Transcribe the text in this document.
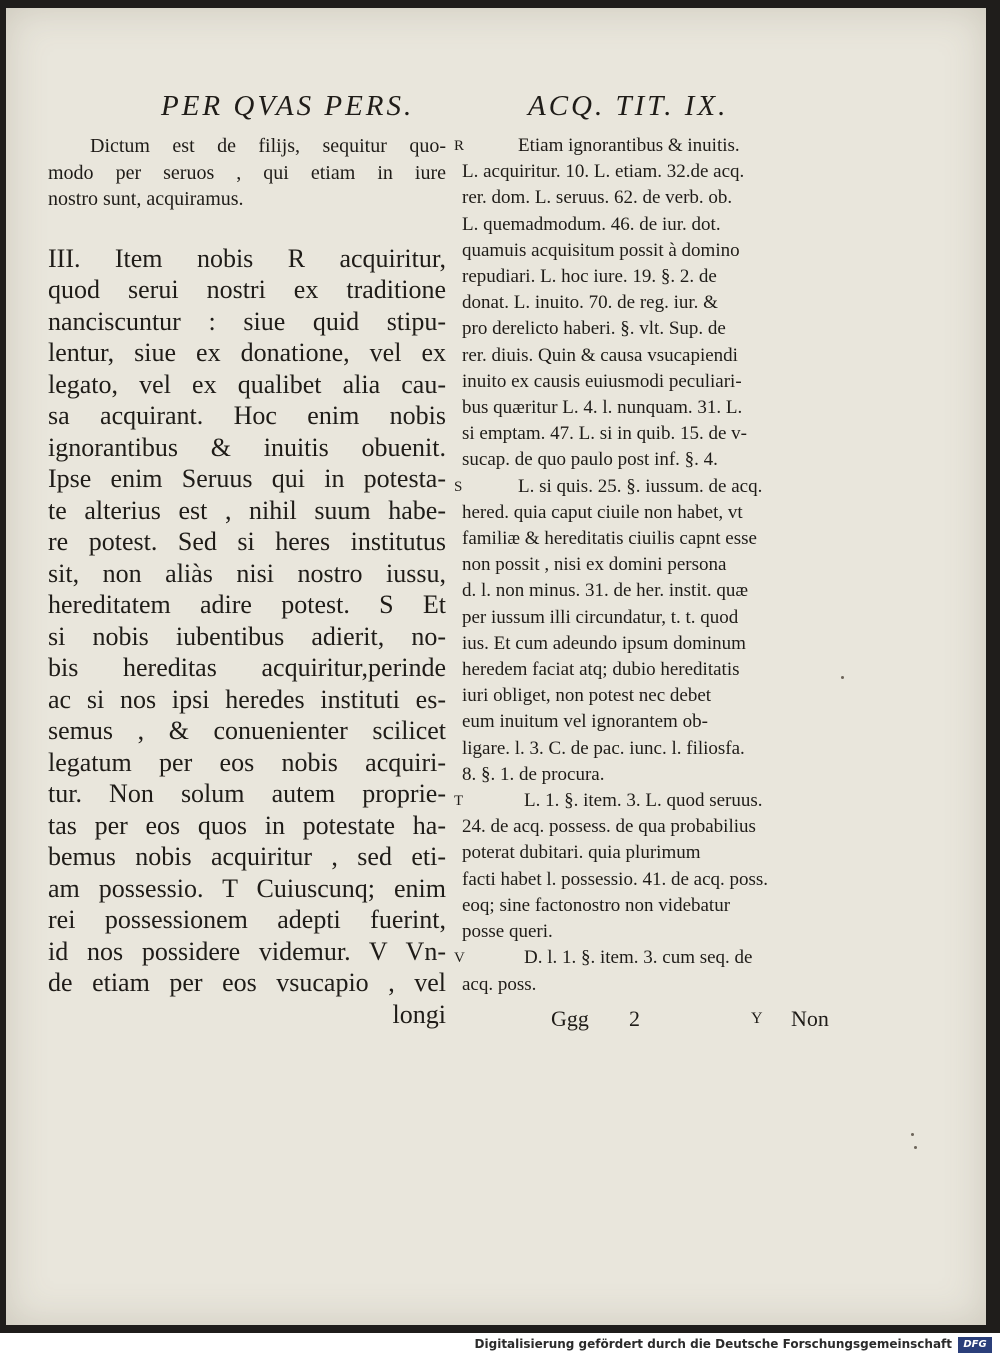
PER QVAS PERS.	ACQ. TIT. IX.

Dictum est de filijs, sequitur quo-

modo per seruos , qui etiam in iure

nostro sunt, acquiramus.

III. Item nobis R acquiritur,
quod serui nostri ex traditione
nanciscuntur : siue quid stipu-
lentur, siue ex donatione, vel ex
legato, vel ex qualibet alia cau-
sa acquirant. Hoc enim nobis
ignorantibus & inuitis obuenit.
Ipse enim Seruus qui in potesta-
te alterius est , nihil suum habe-
re potest. Sed si heres institutus
sit, non aliàs nisi nostro iussu,
hereditatem adire potest. S Et
si nobis iubentibus adierit, no-
bis hereditas acquiritur,perinde
ac si nos ipsi heredes instituti es-
semus , & conuenienter scilicet
legatum per eos nobis acquiri-
tur. Non solum autem proprie-
tas per eos quos in potestate ha-
bemus nobis acquiritur , sed eti-
am possessio. T Cuiuscunq; enim
rei possessionem adepti fuerint,
id nos possidere videmur. V Vn-
de etiam per eos vsucapio , vel
longi
R	Etiam ignorantibus & inuitis.
L. acquiritur. 10. L. etiam. 32.de acq.
rer. dom. L. seruus. 62. de verb. ob.
L. quemadmodum. 46. de iur. dot.
quamuis acquisitum possit à domino
repudiari. L. hoc iure. 19. §. 2. de
donat. L. inuito. 70. de reg. iur. &
pro derelicto haberi. §. vlt. Sup. de
rer. diuis. Quin & causa vsucapiendi
inuito ex causis euiusmodi peculiari-
bus quæritur L. 4. l. nunquam. 31. L.
si emptam. 47. L. si in quib. 15. de v-
sucap. de quo paulo post inf. §. 4.
S	L. si quis. 25. §. iussum. de acq.
hered. quia caput ciuile non habet, vt
familiæ & hereditatis ciuilis capnt esse
non possit , nisi ex domini persona
d. l. non minus. 31. de her. instit. quæ
per iussum illi circundatur, t. t. quod
ius. Et cum adeundo ipsum dominum
heredem faciat atq; dubio hereditatis
iuri obliget, non potest nec debet
eum inuitum vel ignorantem ob-
ligare. l. 3. C. de pac. iunc. l. filiosfa.
8. §. 1. de procura.
T	L. 1. §. item. 3. L. quod seruus.
24. de acq. possess. de qua probabilius
poterat dubitari. quia plurimum
facti habet l. possessio. 41. de acq. poss.
eoq; sine factonostro non videbatur
posse queri.
V	D. l. 1. §. item. 3. cum seq. de
acq. poss.
Ggg 2	Y Non
Digitalisierung gefördert durch die Deutsche Forschungsgemeinschaft	DFG
